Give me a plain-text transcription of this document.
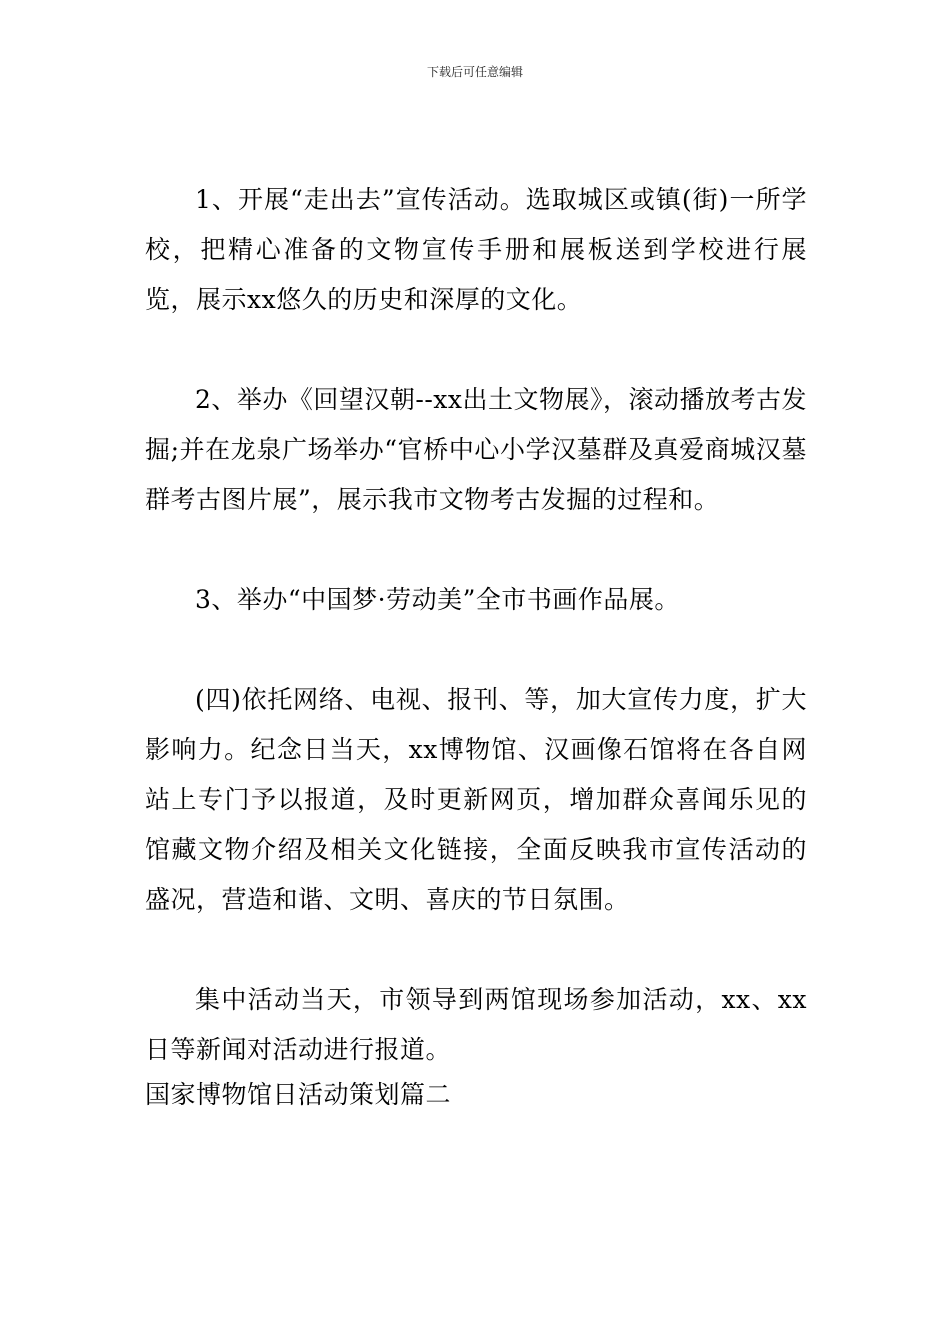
下载后可任意编辑

1、开展“走出去”宣传活动。选取城区或镇(街)一所学校，把精心准备的文物宣传手册和展板送到学校进行展览，展示xx悠久的历史和深厚的文化。

2、举办《回望汉朝--xx出土文物展》，滚动播放考古发掘;并在龙泉广场举办“官桥中心小学汉墓群及真爱商城汉墓群考古图片展”，展示我市文物考古发掘的过程和。

3、举办“中国梦·劳动美”全市书画作品展。

(四)依托网络、电视、报刊、等，加大宣传力度，扩大影响力。纪念日当天，xx博物馆、汉画像石馆将在各自网站上专门予以报道，及时更新网页，增加群众喜闻乐见的馆藏文物介绍及相关文化链接，全面反映我市宣传活动的盛况，营造和谐、文明、喜庆的节日氛围。

集中活动当天，市领导到两馆现场参加活动，xx、xx日等新闻对活动进行报道。

国家博物馆日活动策划篇二
